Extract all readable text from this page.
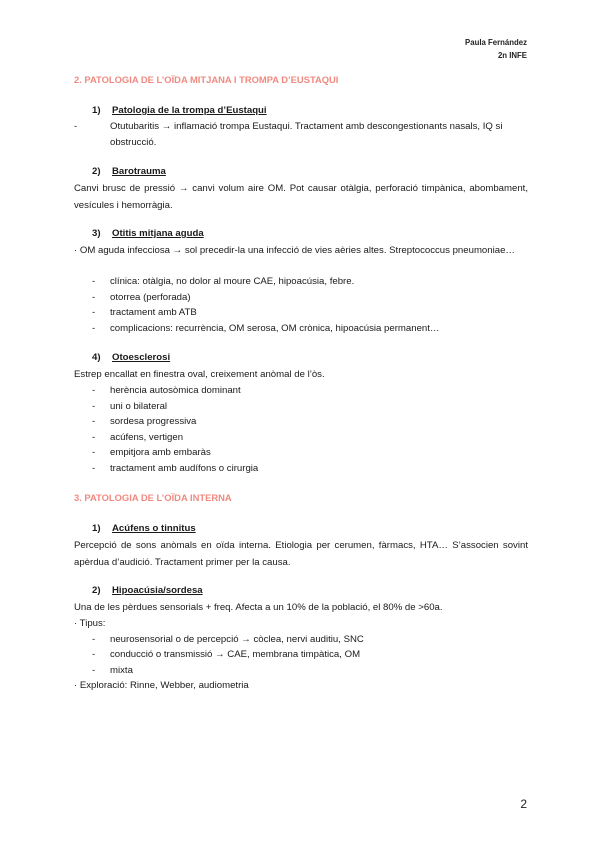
Paula Fernández
2n INFE
2. PATOLOGIA DE L’OÏDA MITJANA I TROMPA D’EUSTAQUI
1) Patologia de la trompa d’Eustaqui
-	Otutubaritis → inflamació trompa Eustaqui. Tractament amb descongestionants nasals, IQ si obstrucció.
2) Barotrauma
Canvi brusc de pressió → canvi volum aire OM. Pot causar otàlgia, perforació timpànica, abombament, vesícules i hemorràgia.
3) Otitis mitjana aguda
· OM aguda infecciosa → sol precedir-la una infecció de vies aèries altes. Streptococcus pneumoniae…
- clínica: otàlgia, no dolor al moure CAE, hipoacúsia, febre.
- otorrea (perforada)
- tractament amb ATB
- complicacions: recurrència, OM serosa, OM crònica, hipoacúsia permanent…
4) Otoesclerosi
Estrep encallat en finestra oval, creixement anòmal de l’òs.
- herència autosòmica dominant
- uni o bilateral
- sordesa progressiva
- acúfens, vertigen
- empitjora amb embaràs
- tractament amb audífons o cirurgia
3. PATOLOGIA DE L’OÏDA INTERNA
1) Acúfens o tinnitus
Percepció de sons anòmals en oïda interna. Etiologia per cerumen, fàrmacs, HTA… S’associen sovint apèrdua d’audició. Tractament primer per la causa.
2) Hipoacúsia/sordesa
Una de les pèrdues sensorials + freq. Afecta a un 10% de la població, el 80% de >60a.
· Tipus:
- neurosensorial o de percepció → còclea, nervi auditiu, SNC
- conducció o transmissió → CAE, membrana timpàtica, OM
- mixta
· Exploració: Rinne, Webber, audiometria
2
